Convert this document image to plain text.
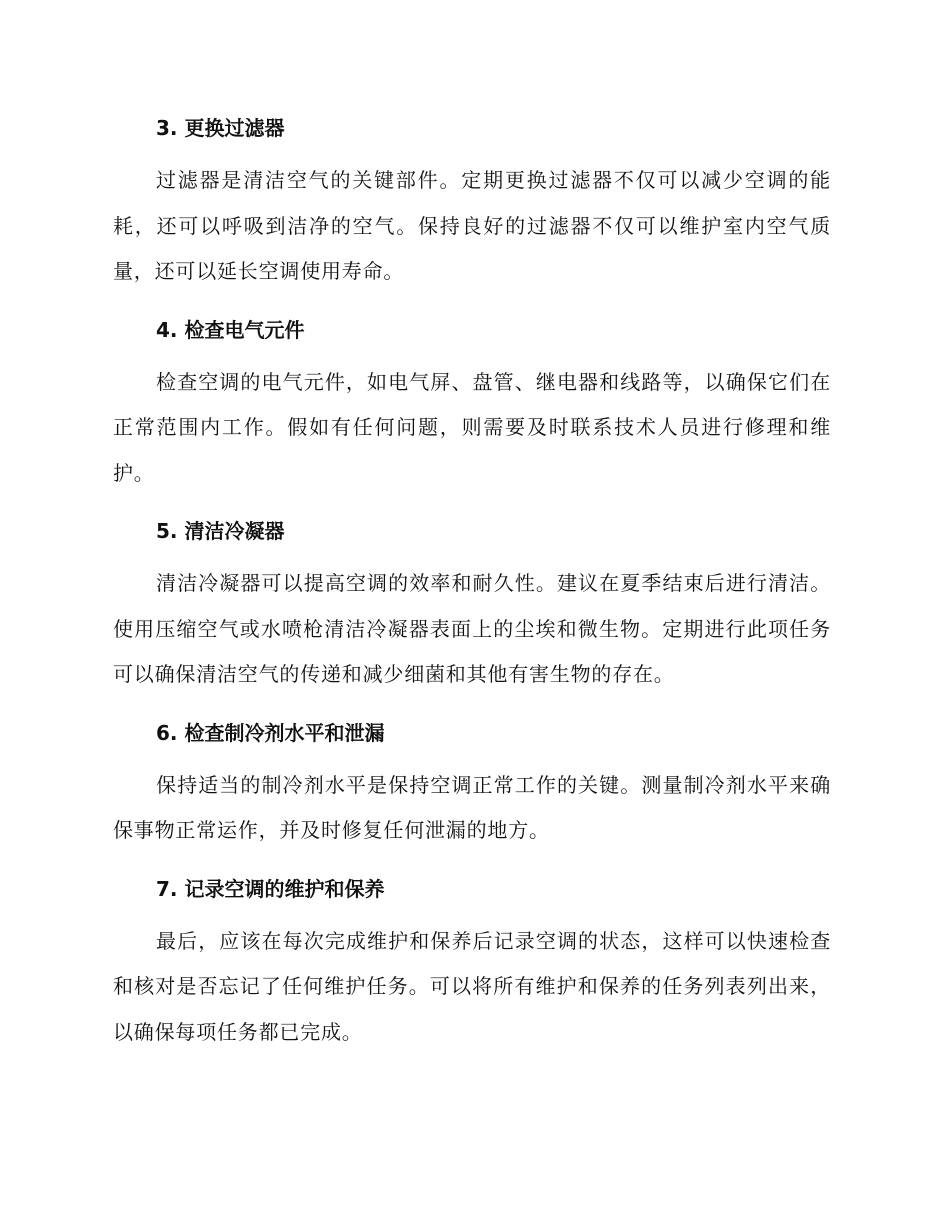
3. 更换过滤器

过滤器是清洁空气的关键部件。定期更换过滤器不仅可以减少空调的能耗，还可以呼吸到洁净的空气。保持良好的过滤器不仅可以维护室内空气质量，还可以延长空调使用寿命。

4. 检查电气元件

检查空调的电气元件，如电气屏、盘管、继电器和线路等，以确保它们在正常范围内工作。假如有任何问题，则需要及时联系技术人员进行修理和维护。

5. 清洁冷凝器

清洁冷凝器可以提高空调的效率和耐久性。建议在夏季结束后进行清洁。使用压缩空气或水喷枪清洁冷凝器表面上的尘埃和微生物。定期进行此项任务可以确保清洁空气的传递和减少细菌和其他有害生物的存在。

6. 检查制冷剂水平和泄漏

保持适当的制冷剂水平是保持空调正常工作的关键。测量制冷剂水平来确保事物正常运作，并及时修复任何泄漏的地方。

7. 记录空调的维护和保养

最后，应该在每次完成维护和保养后记录空调的状态，这样可以快速检查和核对是否忘记了任何维护任务。可以将所有维护和保养的任务列表列出来，以确保每项任务都已完成。
